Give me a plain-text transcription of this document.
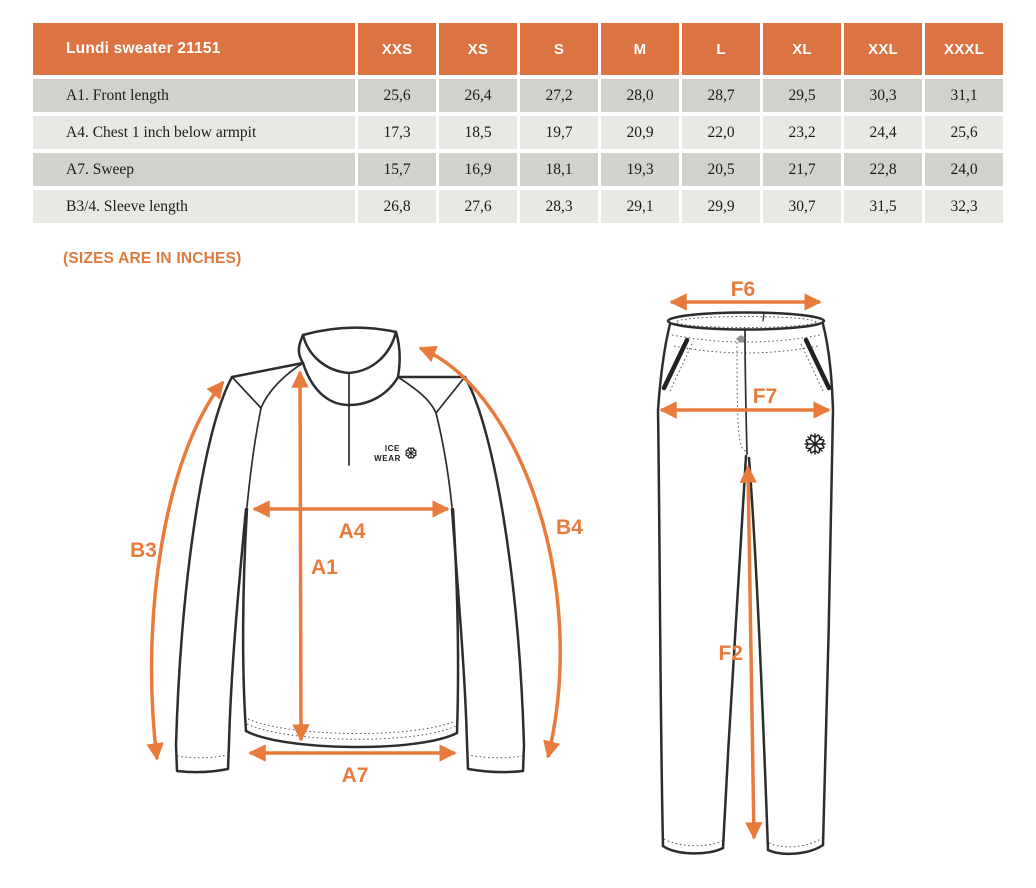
Lundi sweater 21151	XXS	XS	S	M	L	XL	XXL	XXXL
A1. Front length	25,6	26,4	27,2	28,0	28,7	29,5	30,3	31,1
A4. Chest 1 inch below armpit	17,3	18,5	19,7	20,9	22,0	23,2	24,4	25,6
A7. Sweep	15,7	16,9	18,1	19,3	20,5	21,7	22,8	24,0
B3/4. Sleeve length	26,8	27,6	28,3	29,1	29,9	30,7	31,5	32,3
(SIZES ARE IN INCHES)
ICE
WEAR
B3
A4
A1
A7
B4
F6
F7
F2
